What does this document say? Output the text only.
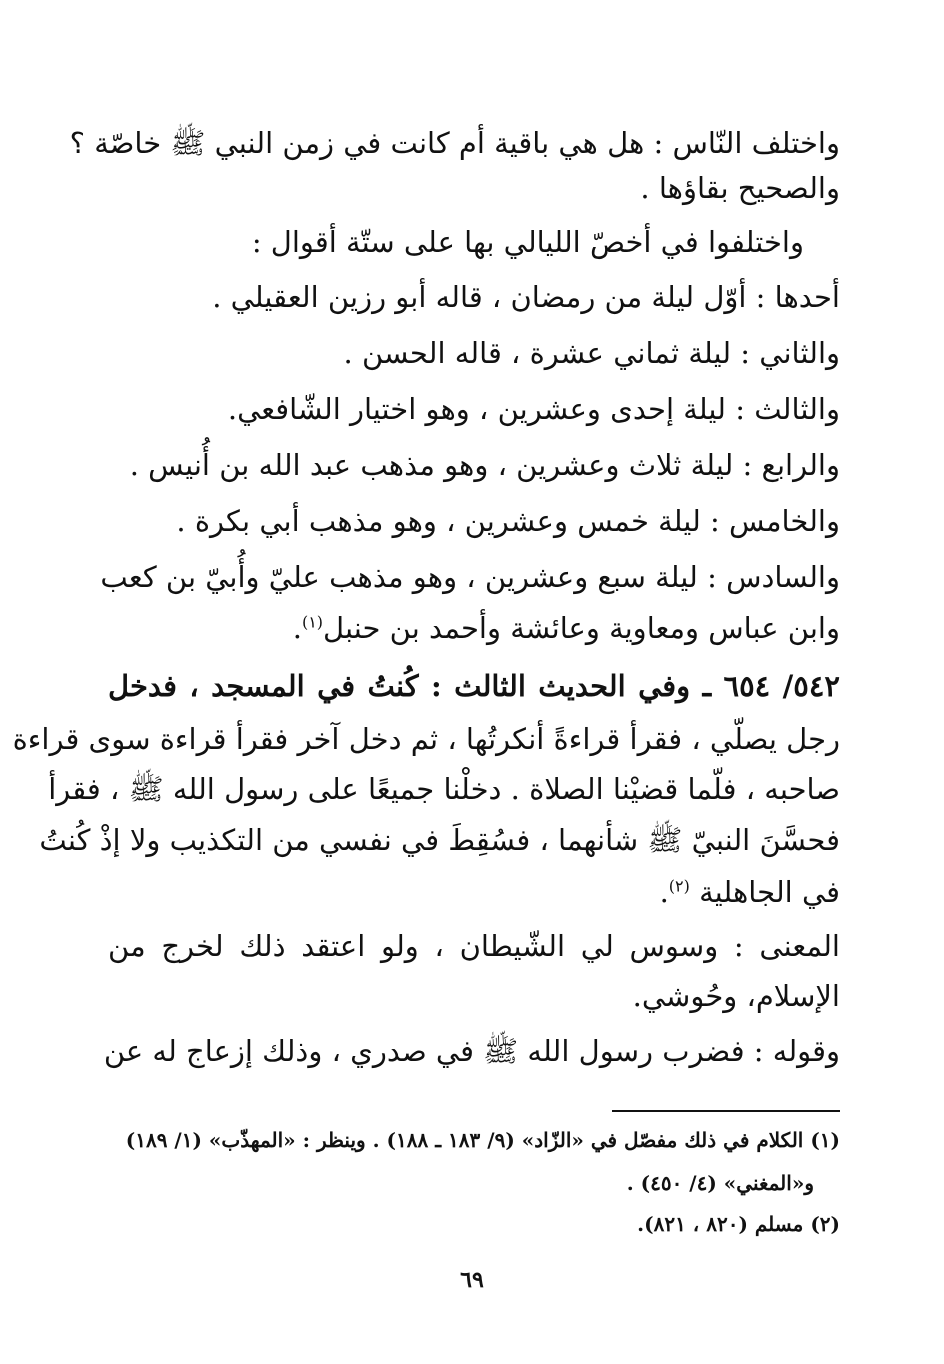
واختلف النّاس : هل هي باقية أم كانت في زمن النبي ﷺ خاصّة ؟
والصحيح بقاؤها .
واختلفوا في أخصّ الليالي بها على ستّة أقوال :
أحدها : أوّل ليلة من رمضان ، قاله أبو رزين العقيلي .
والثاني : ليلة ثماني عشرة ، قاله الحسن .
والثالث : ليلة إحدى وعشرين ، وهو اختيار الشّافعي.
والرابع : ليلة ثلاث وعشرين ، وهو مذهب عبد الله بن أُنيس .
والخامس : ليلة خمس وعشرين ، وهو مذهب أبي بكرة .
والسادس : ليلة سبع وعشرين ، وهو مذهب عليّ وأُبيّ بن كعب
وابن عباس ومعاوية وعائشة وأحمد بن حنبل$^{(١)}$.
٥٤٢/ ٦٥٤ ـ وفي الحديث الثالث : كُنتُ في المسجد ، فدخل
رجل يصلّي ، فقرأ قراءةً أنكرتُها ، ثم دخل آخر فقرأ قراءة سوى قراءة
صاحبه ، فلّما قضيْنا الصلاة . دخلْنا جميعًا على رسول الله ﷺ ، فقرأ
فحسَّنَ النبيّ ﷺ شأنهما ، فسُقِطَ في نفسي من التكذيب ولا إذْ كُنتُ
في الجاهلية $^{(٢)}$.
المعنى : وسوس لي الشّيطان ، ولو اعتقد ذلك لخرج من
الإسلام، وحُوشي.
وقوله : فضرب رسول الله ﷺ في صدري ، وذلك إزعاج له عن
(١) الكلام في ذلك مفصّل في «الزّاد» (٩/ ١٨٣ ـ ١٨٨) . وينظر : «المهذّب» (١/ ١٨٩)
و«المغني» (٤/ ٤٥٠) .
(٢) مسلم (٨٢٠ ، ٨٢١).
٦٩
